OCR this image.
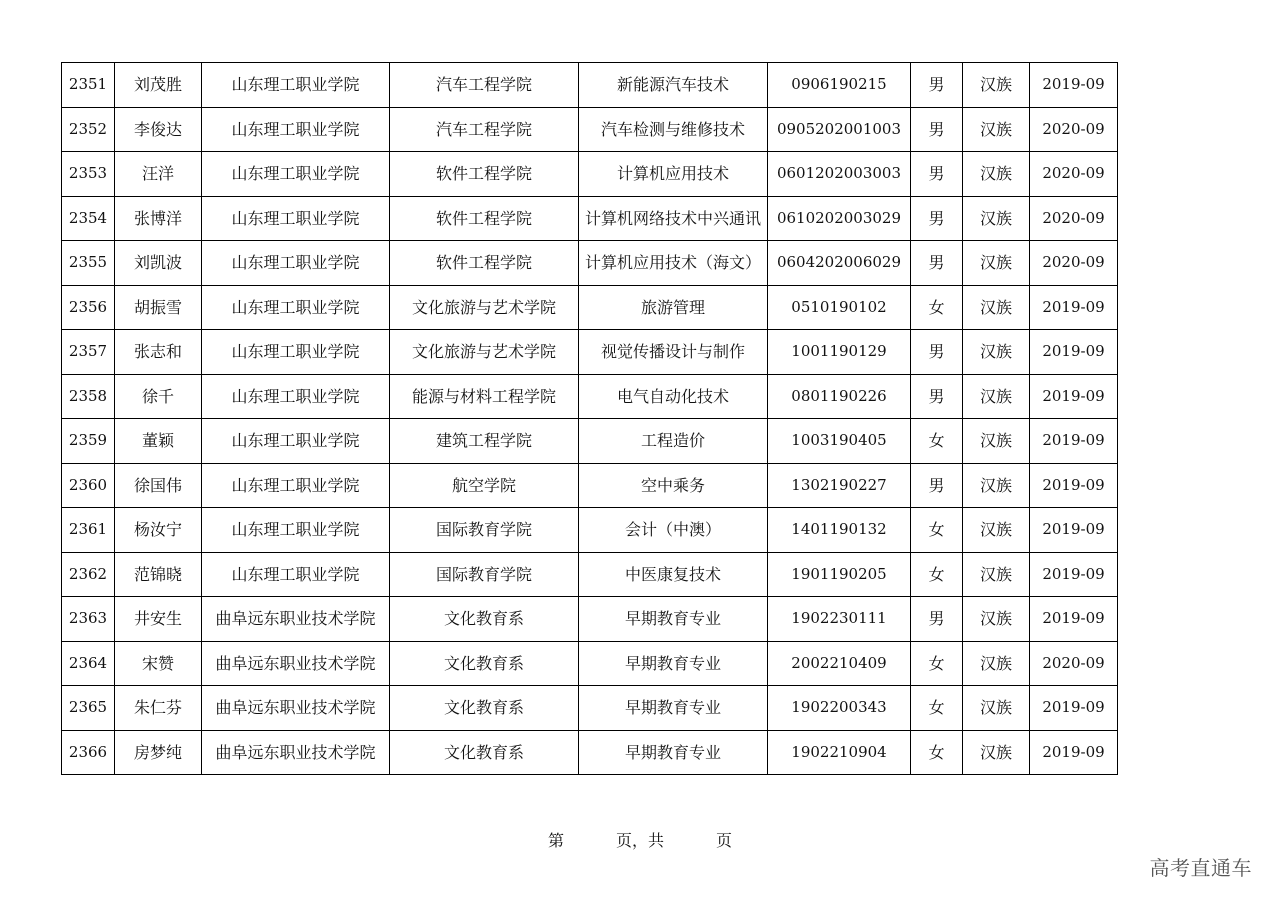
2351	刘茂胜	山东理工职业学院	汽车工程学院	新能源汽车技术	0906190215	男	汉族	2019-09
2352	李俊达	山东理工职业学院	汽车工程学院	汽车检测与维修技术	0905202001003	男	汉族	2020-09
2353	汪洋	山东理工职业学院	软件工程学院	计算机应用技术	0601202003003	男	汉族	2020-09
2354	张博洋	山东理工职业学院	软件工程学院	计算机网络技术中兴通讯	0610202003029	男	汉族	2020-09
2355	刘凯波	山东理工职业学院	软件工程学院	计算机应用技术（海文）	0604202006029	男	汉族	2020-09
2356	胡振雪	山东理工职业学院	文化旅游与艺术学院	旅游管理	0510190102	女	汉族	2019-09
2357	张志和	山东理工职业学院	文化旅游与艺术学院	视觉传播设计与制作	1001190129	男	汉族	2019-09
2358	徐千	山东理工职业学院	能源与材料工程学院	电气自动化技术	0801190226	男	汉族	2019-09
2359	董颖	山东理工职业学院	建筑工程学院	工程造价	1003190405	女	汉族	2019-09
2360	徐国伟	山东理工职业学院	航空学院	空中乘务	1302190227	男	汉族	2019-09
2361	杨汝宁	山东理工职业学院	国际教育学院	会计（中澳）	1401190132	女	汉族	2019-09
2362	范锦晓	山东理工职业学院	国际教育学院	中医康复技术	1901190205	女	汉族	2019-09
2363	井安生	曲阜远东职业技术学院	文化教育系	早期教育专业	1902230111	男	汉族	2019-09
2364	宋赞	曲阜远东职业技术学院	文化教育系	早期教育专业	2002210409	女	汉族	2020-09
2365	朱仁芬	曲阜远东职业技术学院	文化教育系	早期教育专业	1902200343	女	汉族	2019-09
2366	房梦纯	曲阜远东职业技术学院	文化教育系	早期教育专业	1902210904	女	汉族	2019-09
第	页，共	页
高考直通车
